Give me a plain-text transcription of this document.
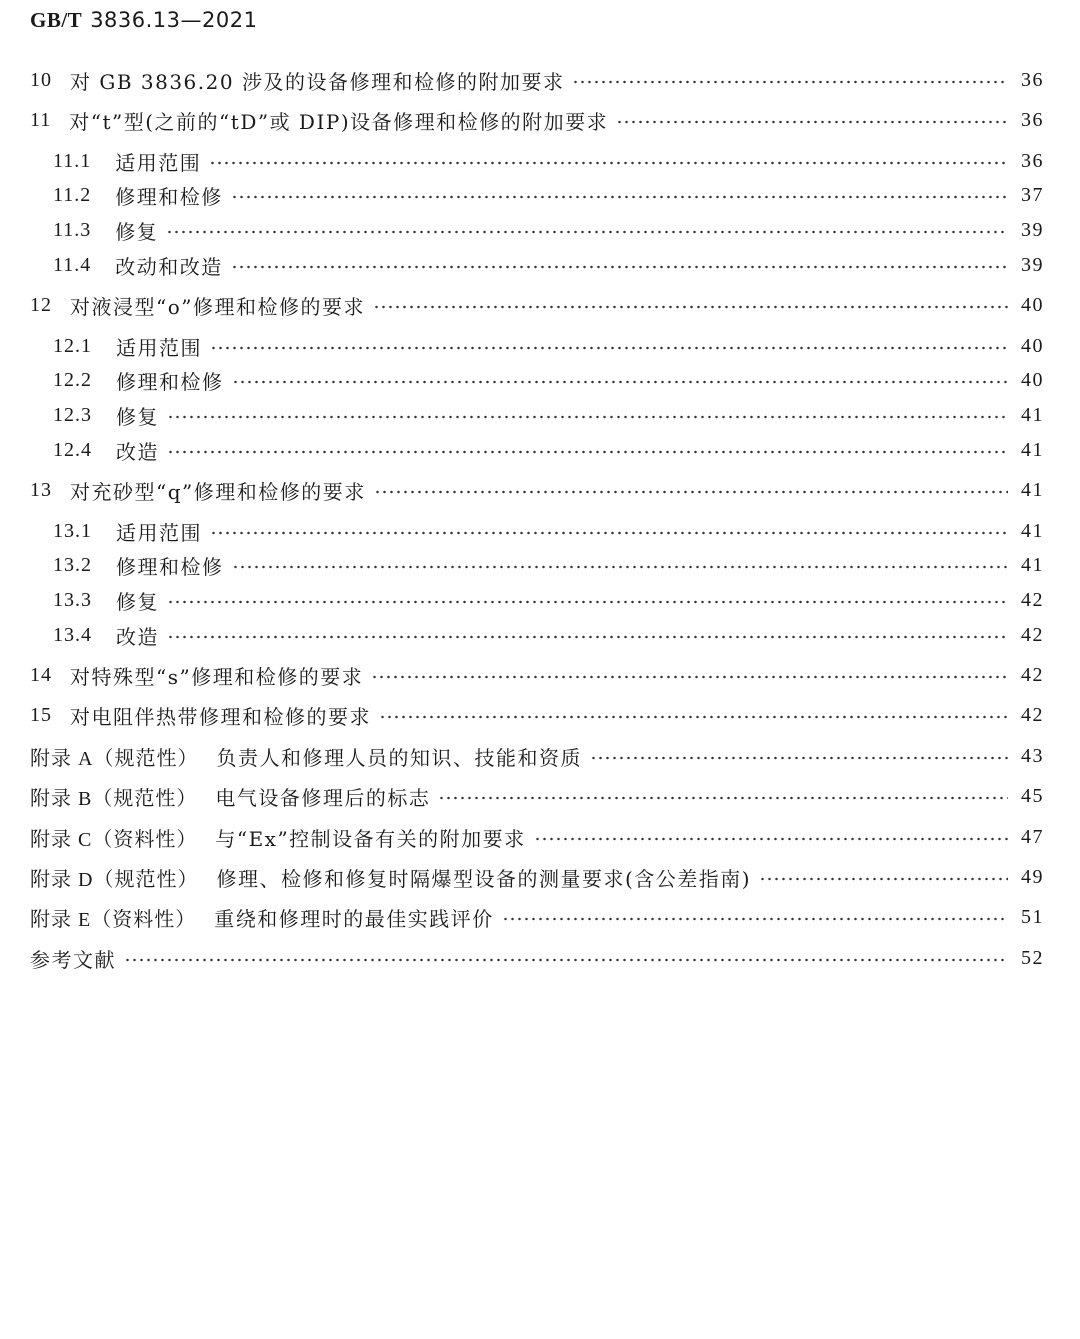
GB/T 3836.13—2021
10 对 GB 3836.20 涉及的设备修理和检修的附加要求	36
11 对“t”型(之前的“tD”或 DIP)设备修理和检修的附加要求	36
11.1 适用范围	36
11.2 修理和检修	37
11.3 修复	39
11.4 改动和改造	39
12 对液浸型“o”修理和检修的要求	40
12.1 适用范围	40
12.2 修理和检修	40
12.3 修复	41
12.4 改造	41
13 对充砂型“q”修理和检修的要求	41
13.1 适用范围	41
13.2 修理和检修	41
13.3 修复	42
13.4 改造	42
14 对特殊型“s”修理和检修的要求	42
15 对电阻伴热带修理和检修的要求	42
附录 A（规范性） 负责人和修理人员的知识、技能和资质	43
附录 B（规范性） 电气设备修理后的标志	45
附录 C（资料性） 与“Ex”控制设备有关的附加要求	47
附录 D（规范性） 修理、检修和修复时隔爆型设备的测量要求(含公差指南)	49
附录 E（资料性） 重绕和修理时的最佳实践评价	51
参考文献	52
